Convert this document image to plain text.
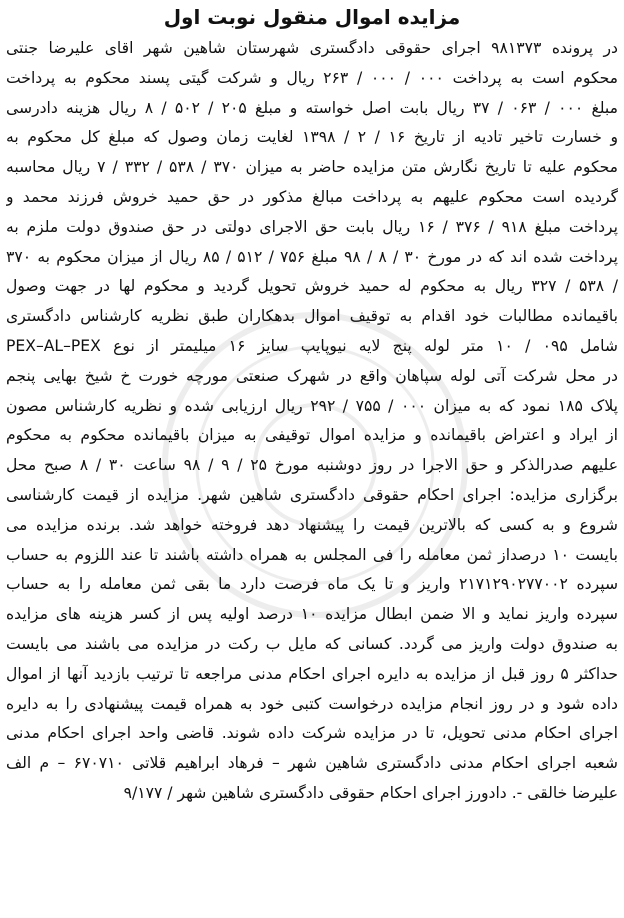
مزایده اموال منقول نوبت اول
در پرونده ۹۸۱۳۷۳ اجرای حقوقی دادگستری شهرستان شاهین شهر اقای علیرضا جنتی
محکوم است به پرداخت ۰۰۰ / ۰۰۰ / ۲۶۳ ریال و شرکت گیتی پسند محکوم به پرداخت
مبلغ ۰۰۰ / ۰۶۳ / ۳۷ ریال بابت اصل خواسته و مبلغ ۲۰۵ / ۵۰۲ / ۸ ریال هزینه دادرسی
و خسارت تاخیر تادیه از تاریخ ۱۶ / ۲ / ۱۳۹۸ لغایت زمان وصول که مبلغ کل محکوم به
محکوم علیه تا تاریخ نگارش متن مزایده حاضر به میزان ۳۷۰ / ۵۳۸ / ۳۳۲ / ۷ ریال محاسبه
گردیده است محکوم علیهم به پرداخت مبالغ مذکور در حق حمید خروش فرزند محمد و
پرداخت مبلغ ۹۱۸ / ۳۷۶ / ۱۶ ریال بابت حق الاجرای دولتی در حق صندوق دولت ملزم به
پرداخت شده اند که در مورخ ۳۰ / ۸ / ۹۸ مبلغ ۷۵۶ / ۵۱۲ / ۸۵ ریال از میزان محکوم به ۳۷۰
/ ۵۳۸ / ۳۲۷ ریال به محکوم له حمید خروش تحویل گردید و محکوم لها در جهت وصول
باقیمانده مطالبات خود اقدام به توقیف اموال بدهکاران طبق نظریه کارشناس دادگستری
شامل ۰۹۵ / ۱۰ متر لوله پنج لایه نیوپایپ سایز ۱۶ میلیمتر از نوع PEX–AL–PEX
در محل شرکت آتی لوله سپاهان واقع در شهرک صنعتی مورچه خورت خ شیخ بهایی پنجم
پلاک ۱۸۵ نمود که به میزان ۰۰۰ / ۷۵۵ / ۲۹۲ ریال ارزیابی شده و نظریه کارشناس مصون
از ایراد و اعتراض باقیمانده و مزایده اموال توقیفی به میزان باقیمانده محکوم به محکوم
علیهم صدرالذکر و حق الاجرا در روز دوشنبه مورخ ۲۵ / ۹ / ۹۸ ساعت ۳۰ / ۸ صبح محل
برگزاری مزایده: اجرای احکام حقوقی دادگستری شاهین شهر. مزایده از قیمت کارشناسی
شروع و به کسی که بالاترین قیمت را پیشنهاد دهد فروخته خواهد شد. برنده مزایده می
بایست ۱۰ درصداز ثمن معامله را فی المجلس به همراه داشته باشند تا عند اللزوم به حساب
سپرده ۲۱۷۱۲۹۰۲۷۷۰۰۲ واریز و تا یک ماه فرصت دارد ما بقی ثمن معامله را به حساب
سپرده واریز نماید و الا ضمن ابطال مزایده ۱۰ درصد اولیه پس از کسر هزینه های مزایده
به صندوق دولت واریز می گردد. کسانی که مایل ب رکت در مزایده می باشند می بایست
حداکثر ۵ روز قبل از مزایده به دایره اجرای احکام مدنی مراجعه تا ترتیب بازدید آنها از اموال
داده شود و در روز انجام مزایده درخواست کتبی خود به همراه قیمت پیشنهادی را به دایره
اجرای احکام مدنی تحویل، تا در مزایده شرکت داده شوند. قاضی واحد اجرای احکام مدنی
شعبه اجرای احکام مدنی دادگستری شاهین شهر – فرهاد ابراهیم قلاتی ۶۷۰۷۱۰ – م الف
علیرضا خالقی -. دادورز اجرای احکام حقوقی دادگستری شاهین شهر / ۹/۱۷۷
